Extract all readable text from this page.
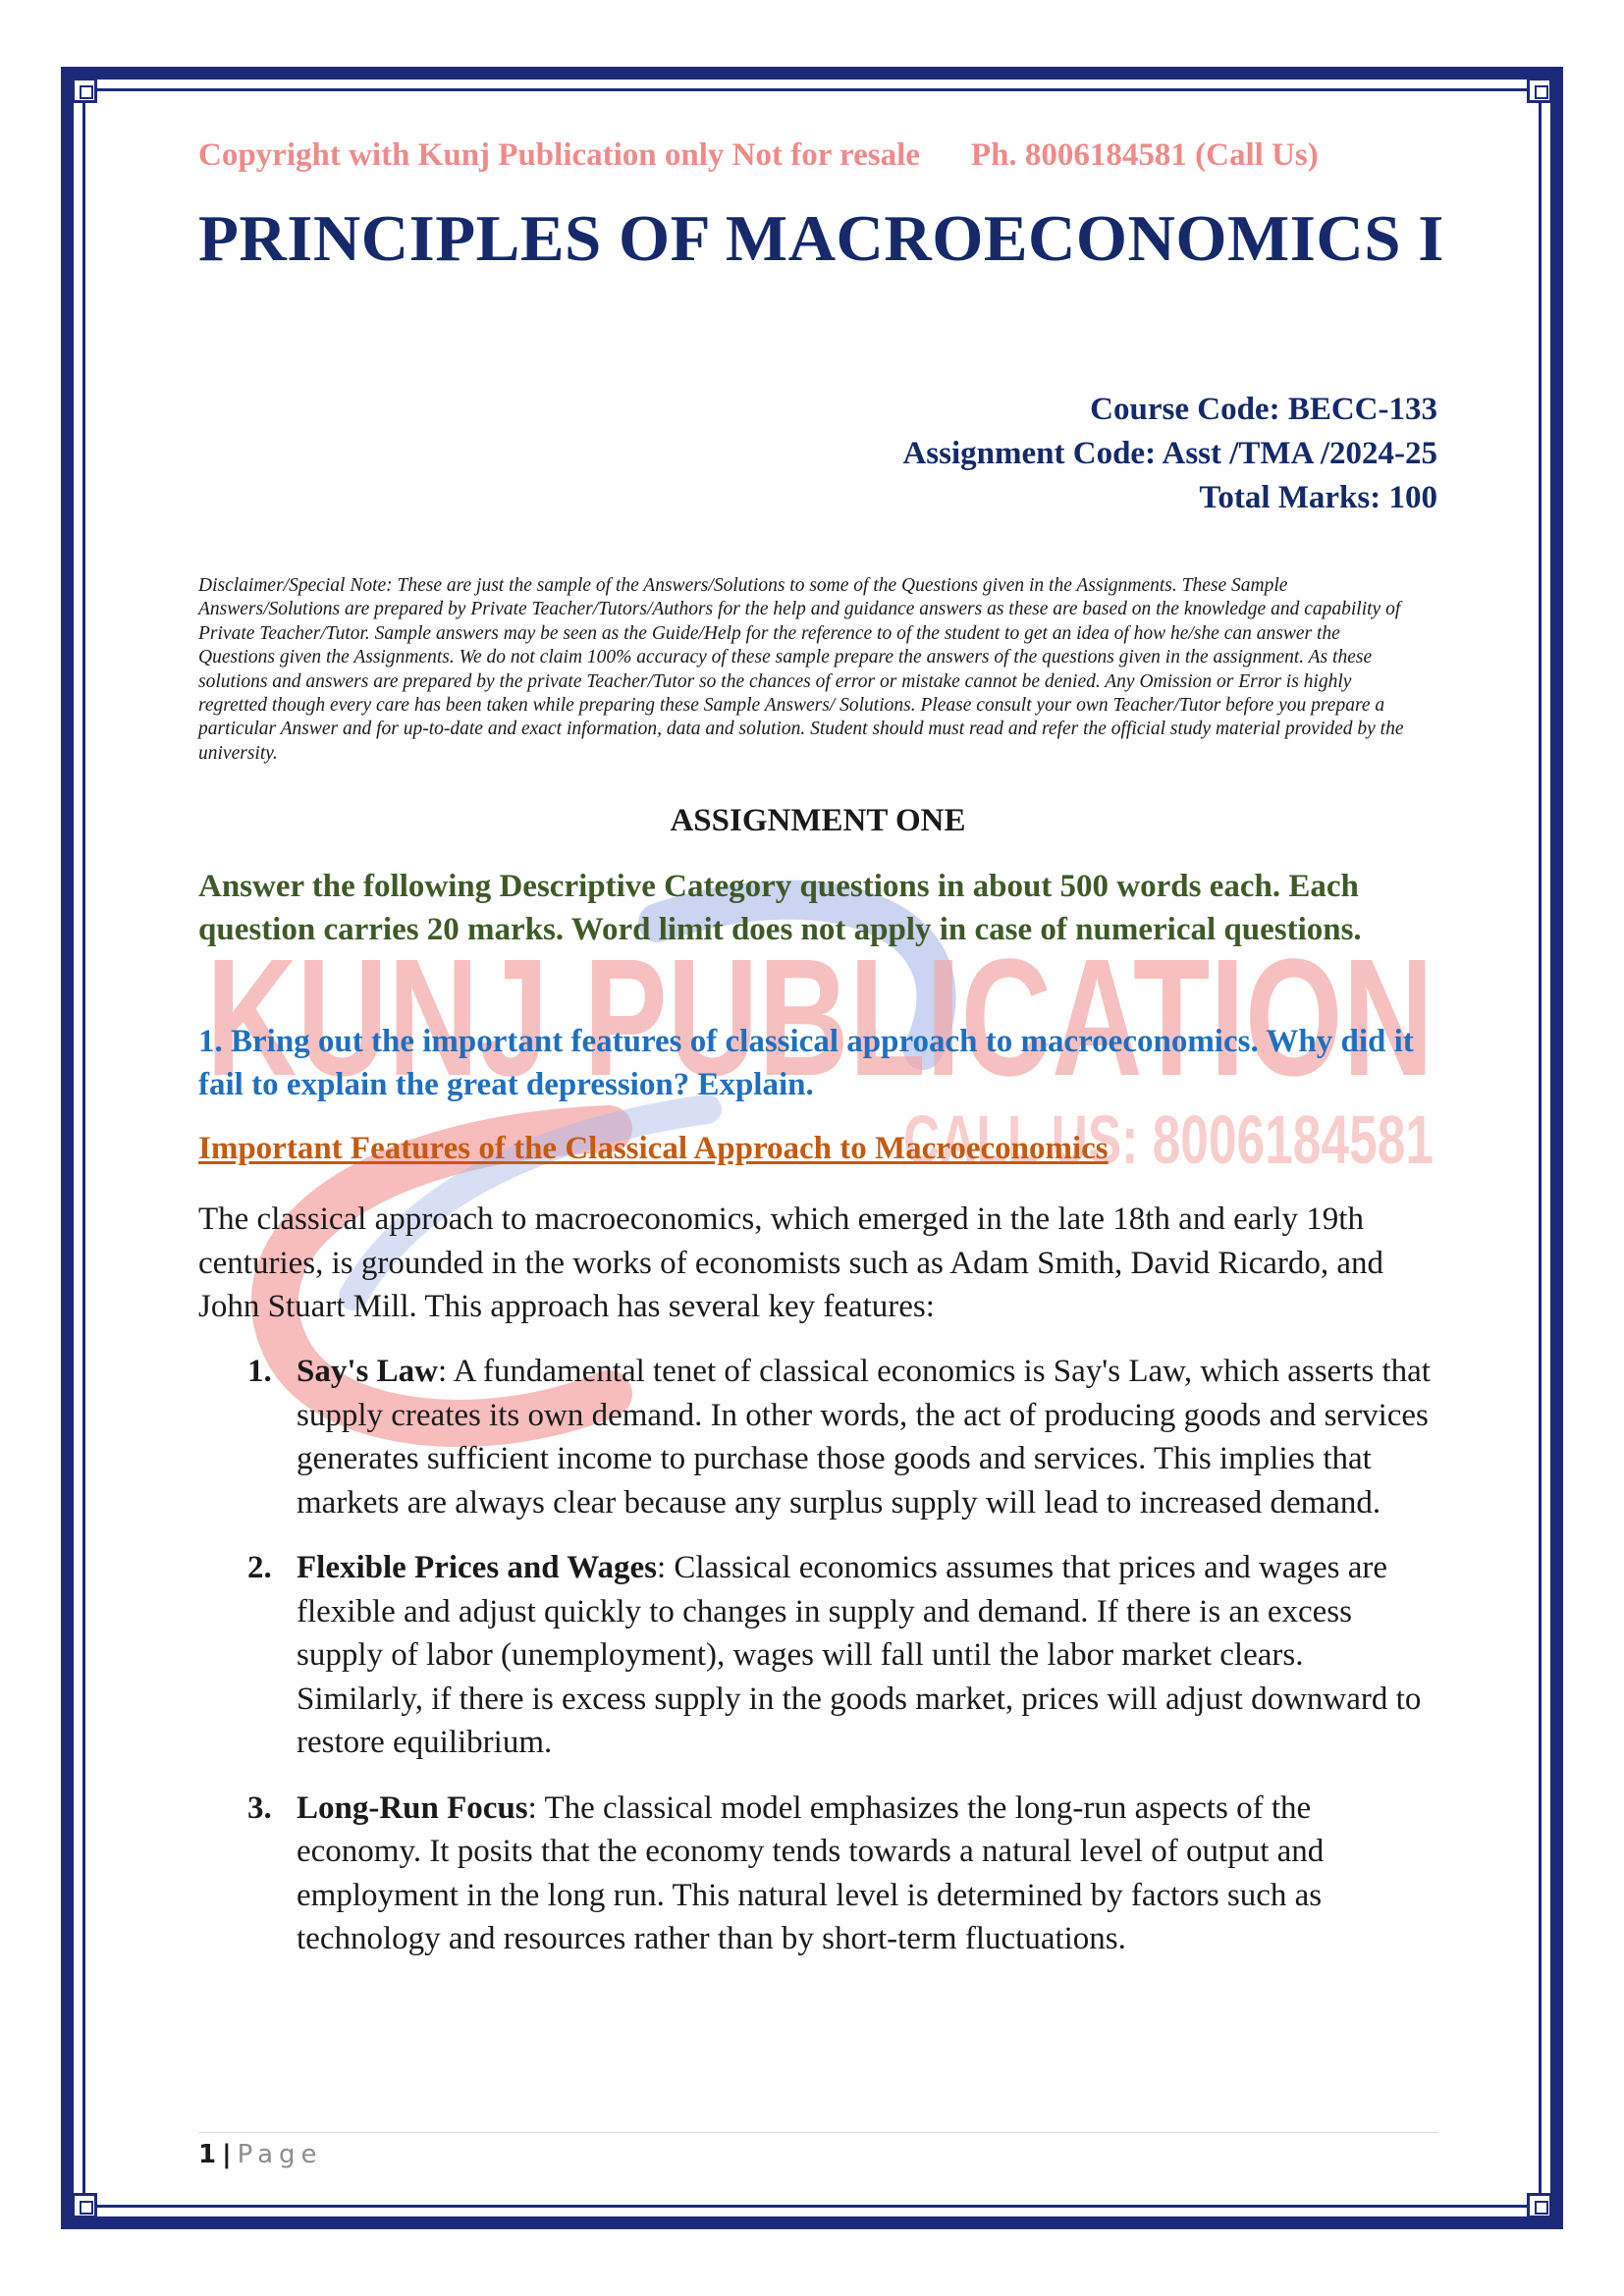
KUNJ PUBLICATION
CALL US: 8006184581
Copyright with Kunj Publication only Not for resale Ph. 8006184581 (Call Us)
PRINCIPLES OF MACROECONOMICS I
Course Code: BECC-133
Assignment Code: Asst /TMA /2024-25
Total Marks: 100
Disclaimer/Special Note: These are just the sample of the Answers/Solutions to some of the Questions given in the Assignments. These Sample Answers/Solutions are prepared by Private Teacher/Tutors/Authors for the help and guidance answers as these are based on the knowledge and capability of Private Teacher/Tutor. Sample answers may be seen as the Guide/Help for the reference to of the student to get an idea of how he/she can answer the Questions given the Assignments. We do not claim 100% accuracy of these sample prepare the answers of the questions given in the assignment. As these solutions and answers are prepared by the private Teacher/Tutor so the chances of error or mistake cannot be denied. Any Omission or Error is highly regretted though every care has been taken while preparing these Sample Answers/ Solutions. Please consult your own Teacher/Tutor before you prepare a particular Answer and for up-to-date and exact information, data and solution. Student should must read and refer the official study material provided by the university.
ASSIGNMENT ONE
Answer the following Descriptive Category questions in about 500 words each. Each question carries 20 marks. Word limit does not apply in case of numerical questions.
1. Bring out the important features of classical approach to macroeconomics. Why did it fail to explain the great depression? Explain.
Important Features of the Classical Approach to Macroeconomics
The classical approach to macroeconomics, which emerged in the late 18th and early 19th centuries, is grounded in the works of economists such as Adam Smith, David Ricardo, and John Stuart Mill. This approach has several key features:
1. Say's Law: A fundamental tenet of classical economics is Say's Law, which asserts that supply creates its own demand. In other words, the act of producing goods and services generates sufficient income to purchase those goods and services. This implies that markets are always clear because any surplus supply will lead to increased demand.
2. Flexible Prices and Wages: Classical economics assumes that prices and wages are flexible and adjust quickly to changes in supply and demand. If there is an excess supply of labor (unemployment), wages will fall until the labor market clears. Similarly, if there is excess supply in the goods market, prices will adjust downward to restore equilibrium.
3. Long-Run Focus: The classical model emphasizes the long-run aspects of the economy. It posits that the economy tends towards a natural level of output and employment in the long run. This natural level is determined by factors such as technology and resources rather than by short-term fluctuations.
1 | Page
